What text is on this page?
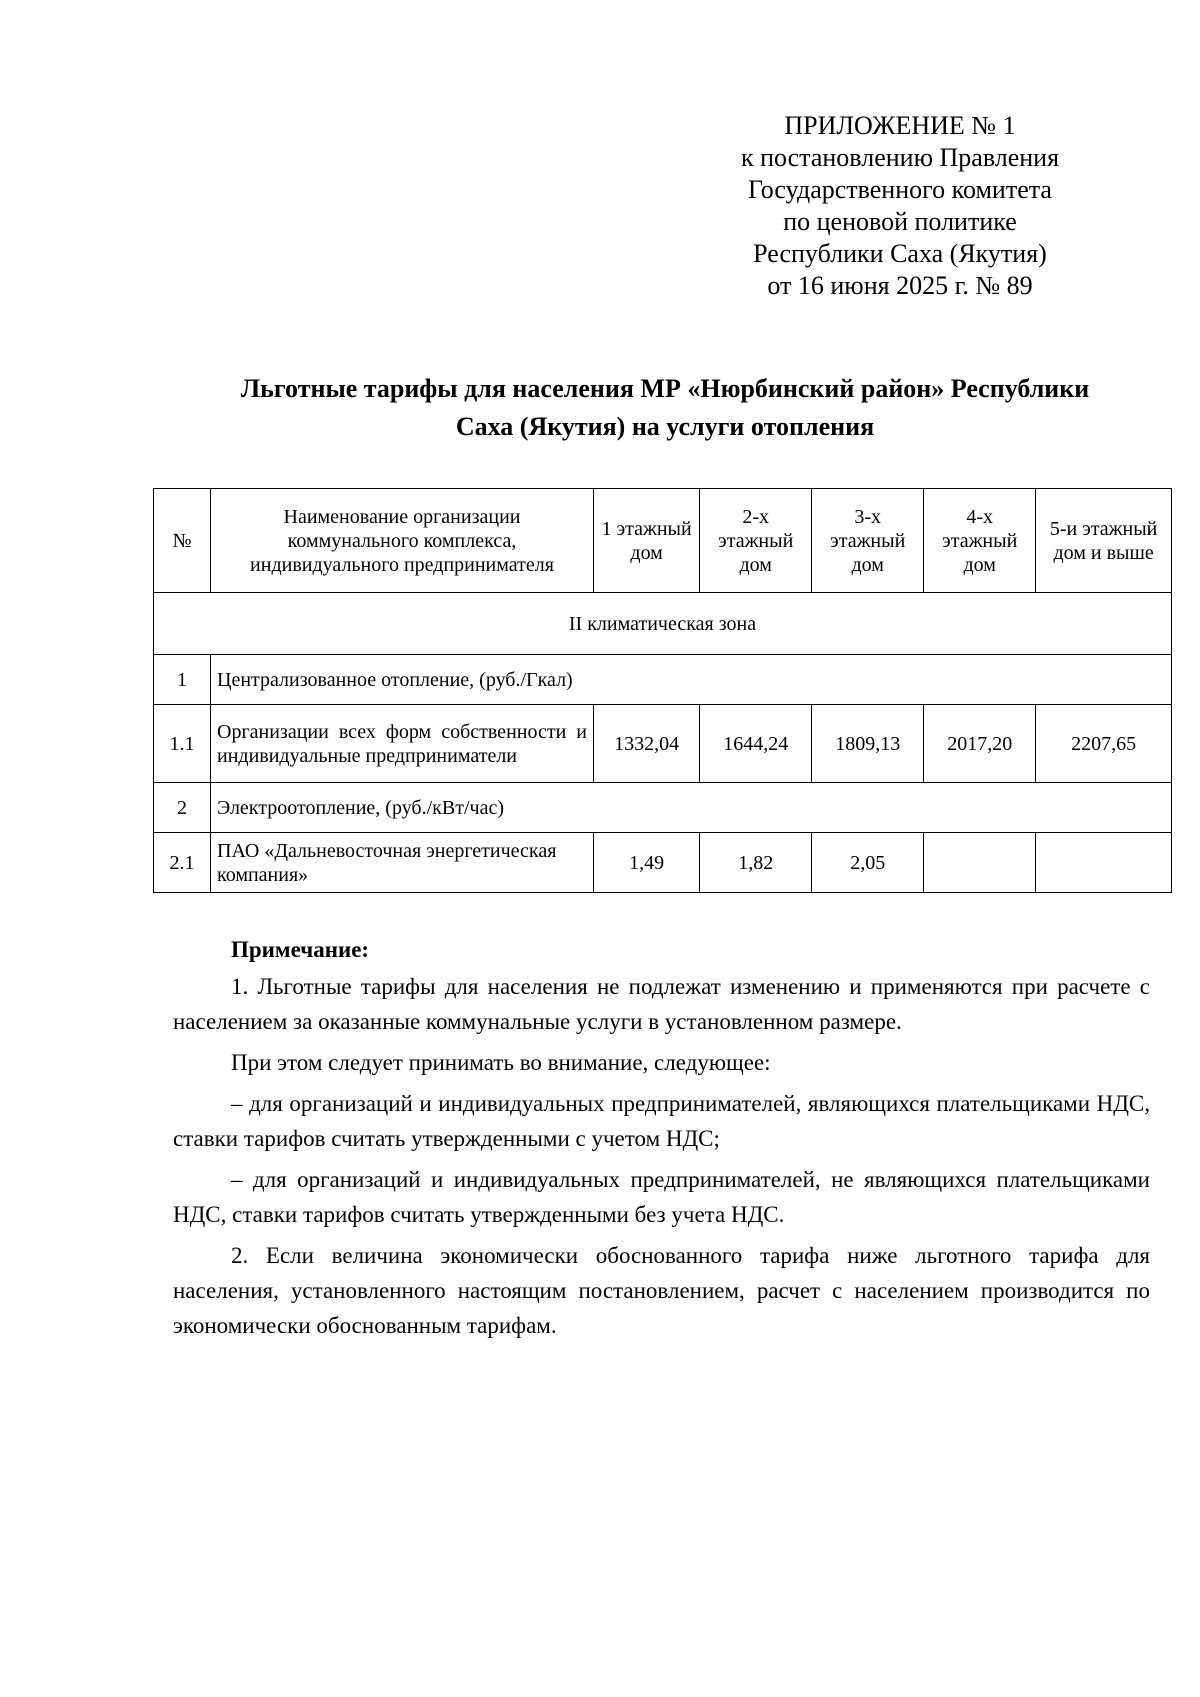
ПРИЛОЖЕНИЕ № 1
к постановлению Правления
Государственного комитета
по ценовой политике
Республики Саха (Якутия)
от 16 июня 2025 г. № 89
Льготные тарифы для населения МР «Нюрбинский район» Республики
Саха (Якутия) на услуги отопления
№	Наименование организации коммунального комплекса, индивидуального предпринимателя	1 этажный дом	2-х этажный дом	3-х этажный дом	4-х этажный дом	5-и этажный дом и выше
II климатическая зона						
1	Централизованное отопление, (руб./Гкал)					
1.1	Организации всех форм собственности и индивидуальные предприниматели	1332,04	1644,24	1809,13	2017,20	2207,65
2	Электроотопление, (руб./кВт/час)					
2.1	ПАО «Дальневосточная энергетическая компания»	1,49	1,82	2,05		

Примечание:

1. Льготные тарифы для населения не подлежат изменению и применяются при расчете с населением за оказанные коммунальные услуги в установленном размере.

При этом следует принимать во внимание, следующее:

– для организаций и индивидуальных предпринимателей, являющихся плательщиками НДС, ставки тарифов считать утвержденными с учетом НДС;

– для организаций и индивидуальных предпринимателей, не являющихся плательщиками НДС, ставки тарифов считать утвержденными без учета НДС.

2. Если величина экономически обоснованного тарифа ниже льготного тарифа для населения, установленного настоящим постановлением, расчет с населением производится по экономически обоснованным тарифам.
